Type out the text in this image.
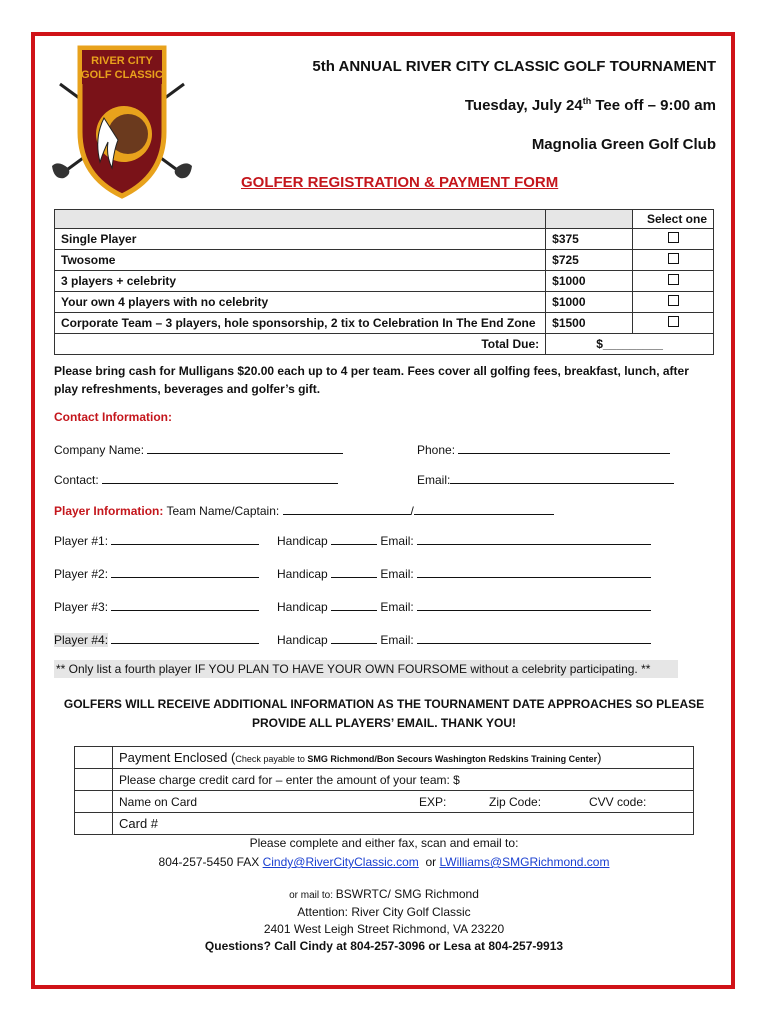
RIVER CITY
GOLF CLASSIC	5th ANNUAL RIVER CITY CLASSIC GOLF TOURNAMENT
Tuesday, July 24th Tee off – 9:00 am
Magnolia Green Golf Club
GOLFER REGISTRATION & PAYMENT FORM
		Select one
Single Player	$375	
Twosome	$725	
3 players + celebrity	$1000	
Your own 4 players with no celebrity	$1000	
Corporate Team – 3 players, hole sponsorship, 2 tix to Celebration In The End Zone	$1500	
Total Due:	$_________	
Please bring cash for Mulligans $20.00 each up to 4 per team. Fees cover all golfing fees, breakfast, lunch, after play refreshments, beverages and golfer’s gift.
Contact Information:
Company Name:	Phone:
Contact:	Email:
Player Information: Team Name/Captain:	/
Player #1:	Handicap	Email:
Player #2:	Handicap	Email:
Player #3:	Handicap	Email:
Player #4:	Handicap	Email:
** Only list a fourth player IF YOU PLAN TO HAVE YOUR OWN FOURSOME without a celebrity participating. **
GOLFERS WILL RECEIVE ADDITIONAL INFORMATION AS THE TOURNAMENT DATE APPROACHES SO PLEASE
PROVIDE ALL PLAYERS’ EMAIL. THANK YOU!
	Payment Enclosed (Check payable to SMG Richmond/Bon Secours Washington Redskins Training Center)
	Please charge credit card for – enter the amount of your team: $

	Name on Card EXP: Zip Code: CVV code:

	Card #
Please complete and either fax, scan and email to:
804-257-5450 FAX Cindy@RiverCityClassic.com  or LWilliams@SMGRichmond.com
or mail to: BSWRTC/ SMG Richmond
Attention: River City Golf Classic
2401 West Leigh Street Richmond, VA 23220
Questions? Call Cindy at 804-257-3096 or Lesa at 804-257-9913
